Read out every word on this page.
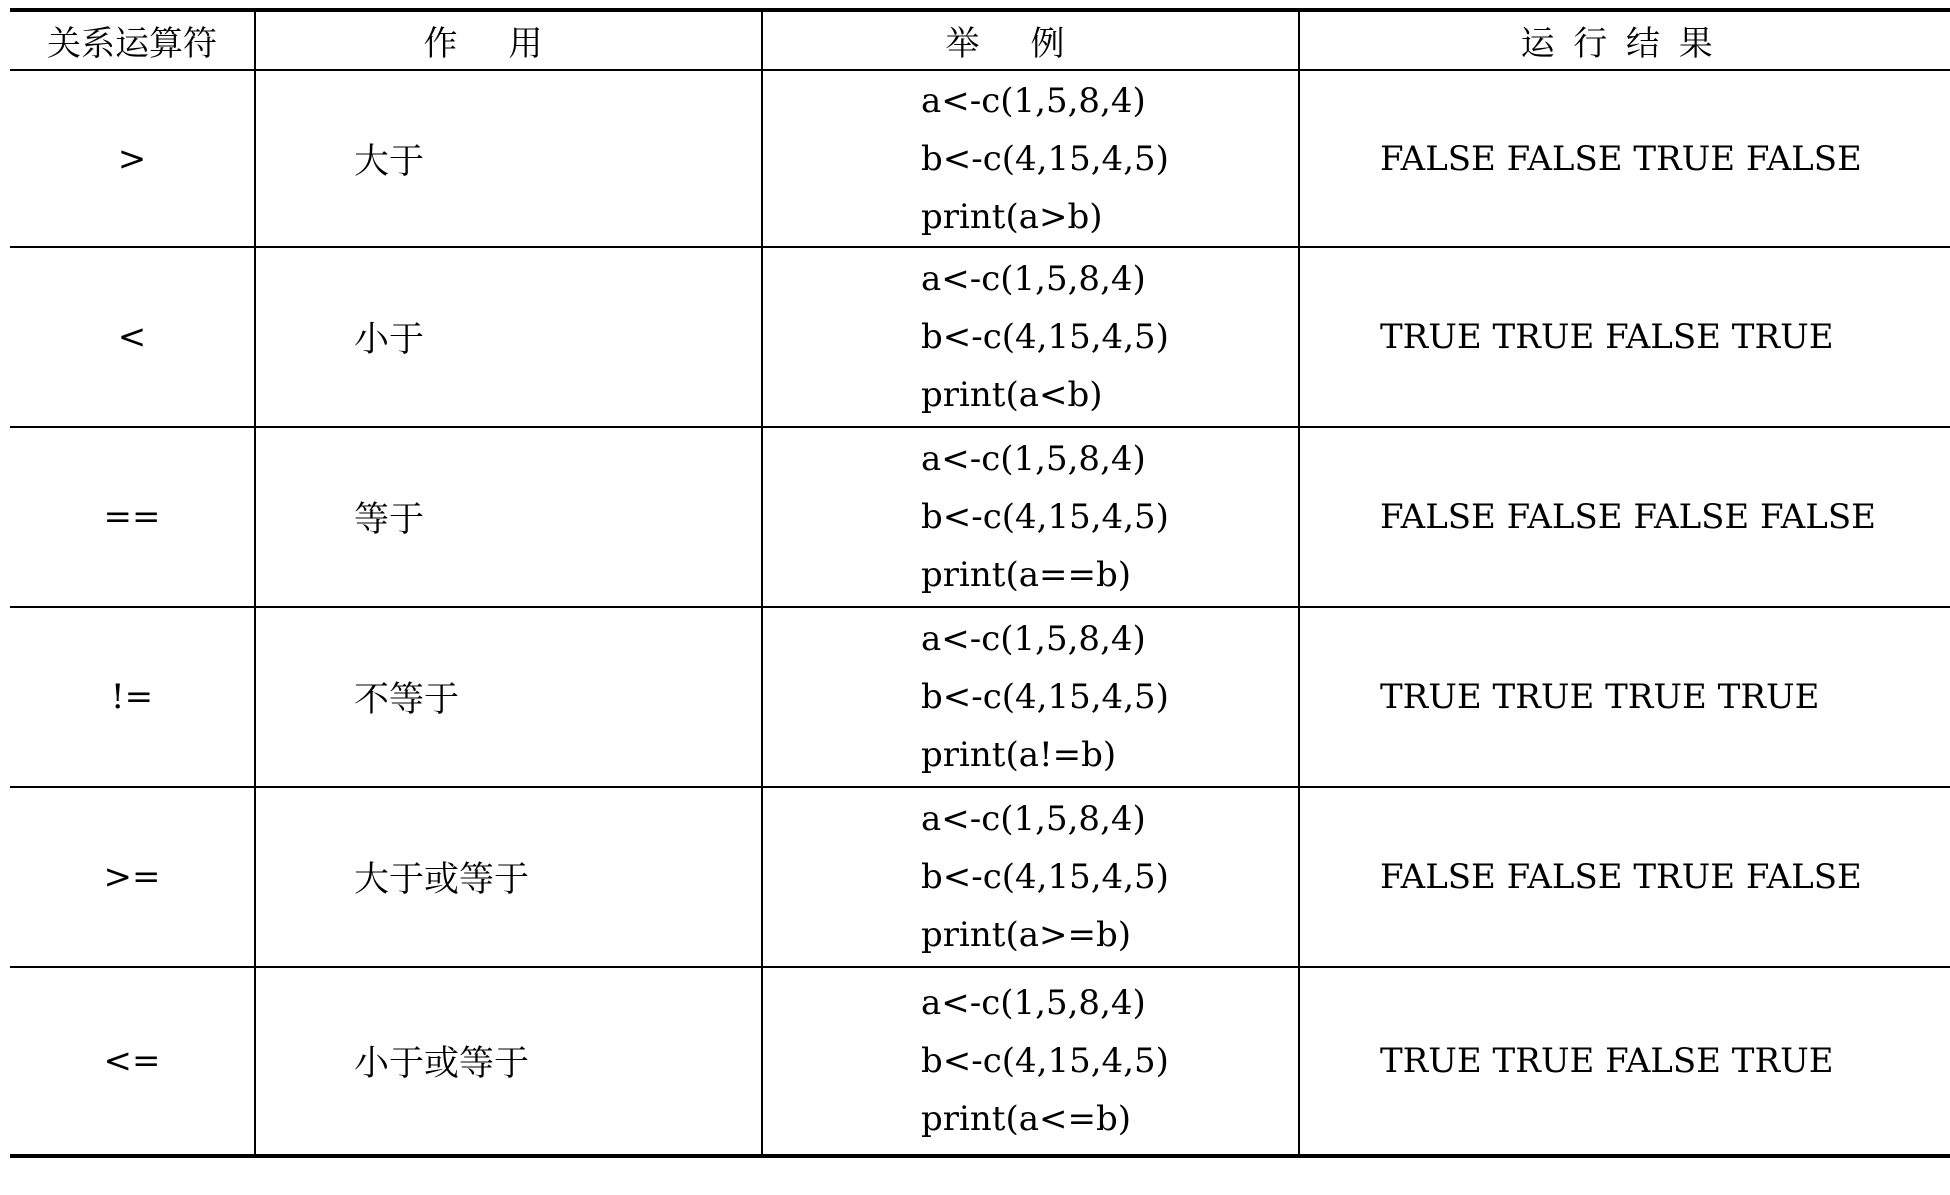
关系运算符	作用	举例	运行结果
>	大于	a<-c(1,5,8,4)
b<-c(4,15,4,5)
print(a>b)	FALSE FALSE TRUE FALSE
<	小于	a<-c(1,5,8,4)
b<-c(4,15,4,5)
print(a<b)	TRUE TRUE FALSE TRUE
==	等于	a<-c(1,5,8,4)
b<-c(4,15,4,5)
print(a==b)	FALSE FALSE FALSE FALSE
!=	不等于	a<-c(1,5,8,4)
b<-c(4,15,4,5)
print(a!=b)	TRUE TRUE TRUE TRUE
>=	大于或等于	a<-c(1,5,8,4)
b<-c(4,15,4,5)
print(a>=b)	FALSE FALSE TRUE FALSE
<=	小于或等于	a<-c(1,5,8,4)
b<-c(4,15,4,5)
print(a<=b)	TRUE TRUE FALSE TRUE
